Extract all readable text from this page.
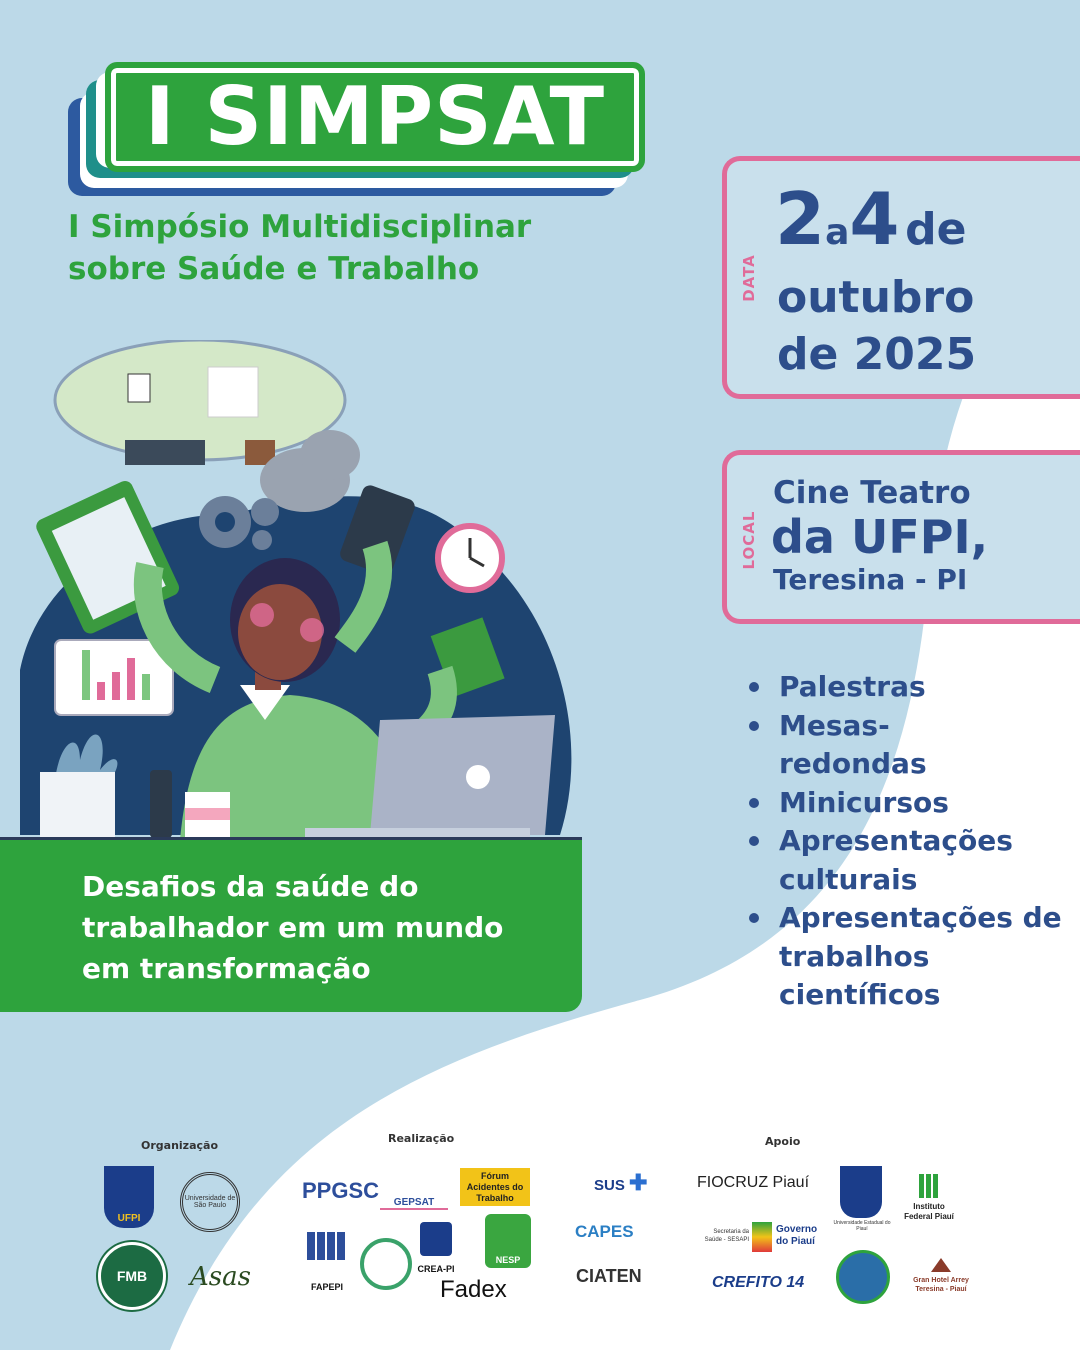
I SIMPSAT
I Simpósio Multidisciplinar
sobre Saúde e Trabalho	DATA
2a4 de
outubro
de 2025
LOCAL
Cine Teatro
da UFPI,
Teresina - PI
Palestras
Mesas-redondas
Minicursos
Apresentações culturais
Apresentações de trabalhos científicos
Desafios da saúde do
trabalhador em um mundo
em transformação
Organização
Realização	Apoio
UFPI
Universidade de São Paulo
FMB	Asas
PPGSC	GEPSAT
Fórum Acidentes do Trabalho
FAPEPI
NESP
CREA-PI
Fadex
SUS ✚	FIOCRUZ Piauí
CAPES	Secretaria da Saúde - SESAPI
Governo do Piauí
CIATEN	CREFITO 14
Universidade Estadual do Piauí
Instituto Federal Piauí
Gran Hotel Arrey Teresina - Piauí
